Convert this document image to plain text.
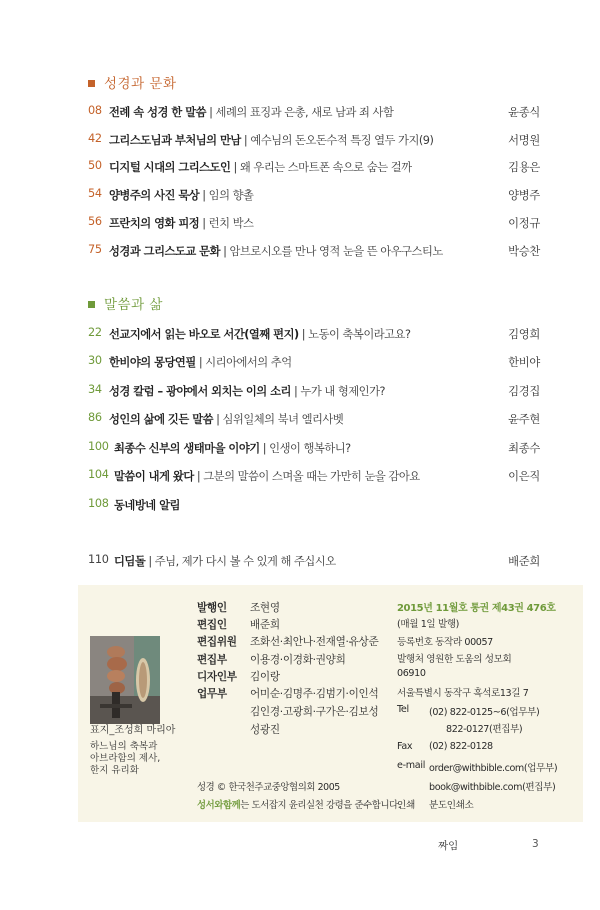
성경과 문화
08 전례 속 성경 한 말씀 | 세례의 표징과 은총, 새로 남과 죄 사함	윤종식
42 그리스도님과 부처님의 만남 | 예수님의 돈오돈수적 특징 열두 가지(9)	서명원
50 디지털 시대의 그리스도인 | 왜 우리는 스마트폰 속으로 숨는 걸까	김용은
54 양병주의 사진 묵상 | 임의 향촐	양병주
56 프란치의 영화 피정 | 런치 박스	이정규
75 성경과 그리스도교 문화 | 암브로시오를 만나 영적 눈을 뜬 아우구스티노	박승찬
말씀과 삶
22 선교지에서 읽는 바오로 서간(열째 편지) | 노동이 축복이라고요?	김영희
30 한비야의 몽당연필 | 시리아에서의 추억	한비야
34 성경 칼럼 – 광야에서 외치는 이의 소리 | 누가 내 형제인가?	김경집
86 성인의 삶에 깃든 말씀 | 심위일체의 북녀 엘리사벳	윤주현
100 최종수 신부의 생태마을 이야기 | 인생이 행복하니?	최종수
104 말씀이 내게 왔다 | 그분의 말씀이 스며올 때는 가만히 눈을 감아요	이은직
108 동네방네 알림
110 디딤돌 | 주님, 제가 다시 볼 수 있게 해 주십시오	배준희
표지_조성희 마리아
하느님의 축복과
아브라함의 제사,
한지 유리화
발행인 조현영
편집인 배준희
편집위원 조화선·최안나·전재열·유상준
편집부 이용경·이경화·권양희
디자인부 김이랑
업무부 어미순·김명주·김범기·이인석
김인경·고광희·구가은·김보성
성광진
2015년 11월호 통권 제43권 476호
(매월 1일 발행)
등록번호 동작라 00057
발행처 영원한 도움의 성모회
06910
서울특별시 동작구 흑석로13길 7
Tel (02) 822-0125~6(업무부)
822-0127(편집부)
Fax (02) 822-0128
e-mail order@withbible.com(업무부)
book@withbible.com(편집부)
인쇄 분도인쇄소
성경 © 한국천주교중앙협의회 2005
성서와함께는 도서잡지 윤리실천 강령을 준수합니다.
짜임	3
